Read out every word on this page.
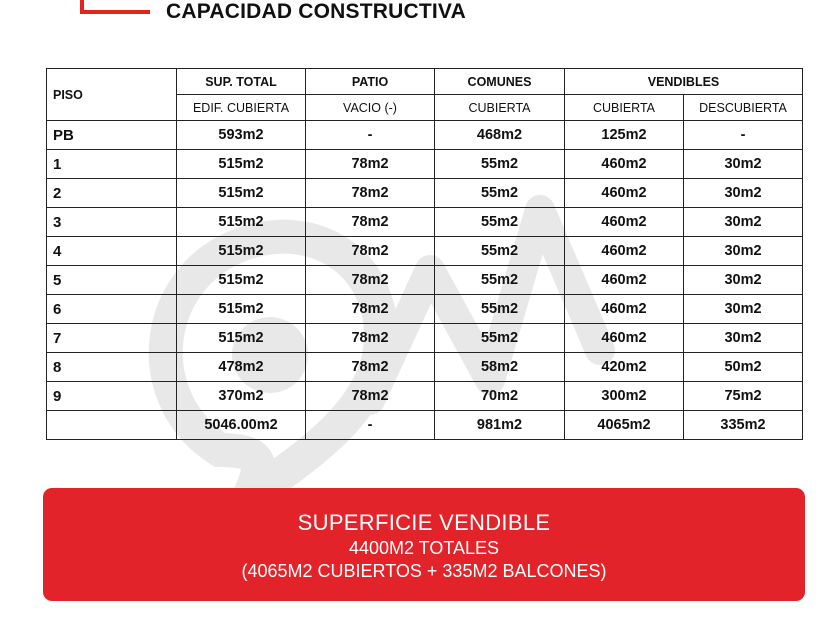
CAPACIDAD CONSTRUCTIVA
PISO	SUP. TOTAL	PATIO	COMUNES	VENDIBLES	
	EDIF. CUBIERTA	VACIO (-)	CUBIERTA	CUBIERTA	DESCUBIERTA
PB	593m2	-	468m2	125m2	-
1	515m2	78m2	55m2	460m2	30m2
2	515m2	78m2	55m2	460m2	30m2
3	515m2	78m2	55m2	460m2	30m2
4	515m2	78m2	55m2	460m2	30m2
5	515m2	78m2	55m2	460m2	30m2
6	515m2	78m2	55m2	460m2	30m2
7	515m2	78m2	55m2	460m2	30m2
8	478m2	78m2	58m2	420m2	50m2
9	370m2	78m2	70m2	300m2	75m2
	5046.00m2	-	981m2	4065m2	335m2
SUPERFICIE VENDIBLE
4400M2 TOTALES
(4065M2 CUBIERTOS + 335M2 BALCONES)
